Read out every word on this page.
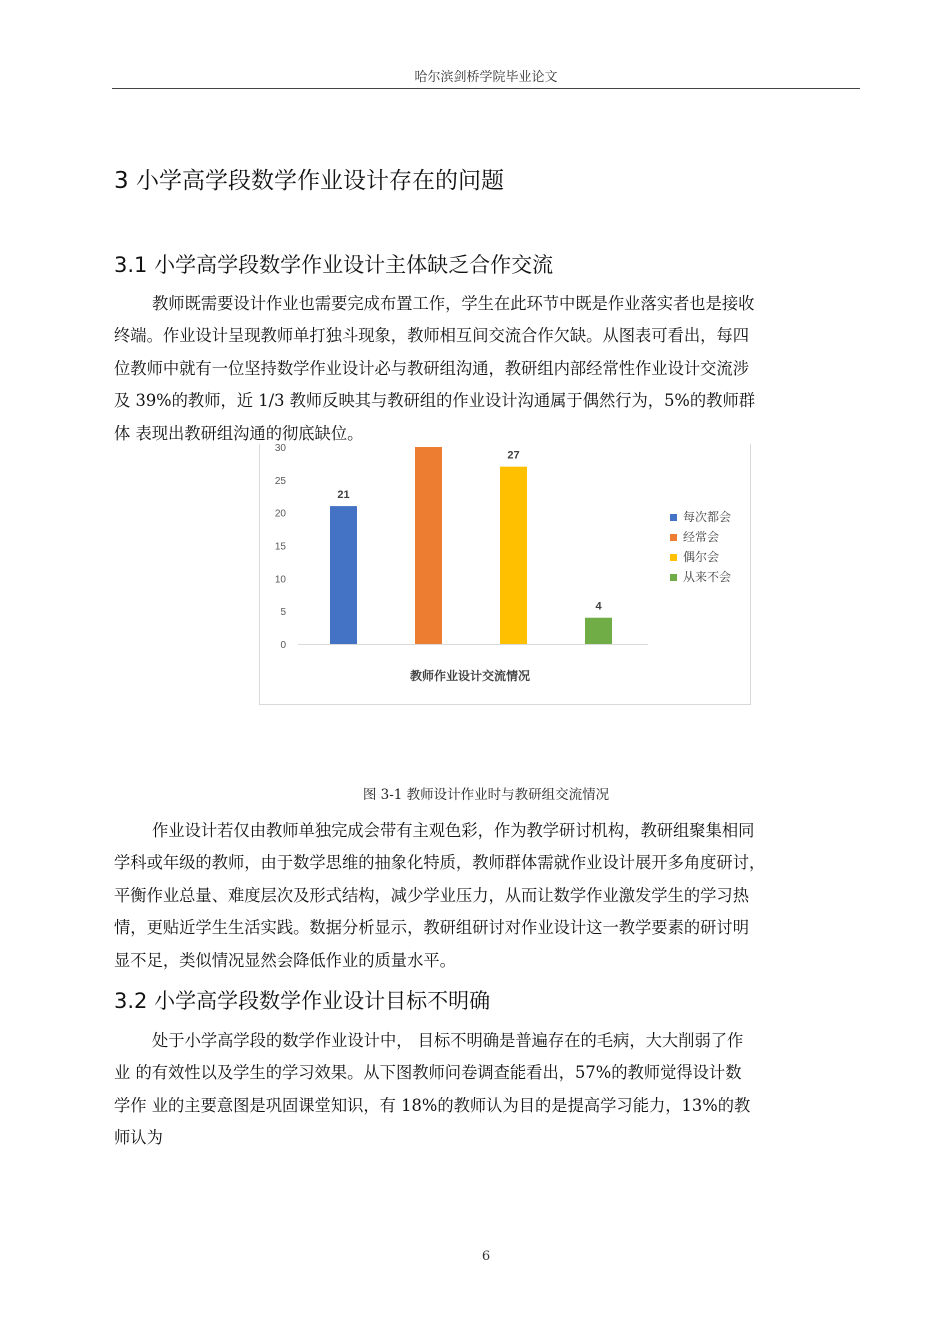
哈尔滨剑桥学院毕业论文
3 小学高学段数学作业设计存在的问题
3.1 小学高学段数学作业设计主体缺乏合作交流
教师既需要设计作业也需要完成布置工作，学生在此环节中既是作业落实者也是接收
终端。作业设计呈现教师单打独斗现象，教师相互间交流合作欠缺。从图表可看出，每四
位教师中就有一位坚持数学作业设计必与教研组沟通，教研组内部经常性作业设计交流涉
及 39%的教师，近 1/3 教师反映其与教研组的作业设计沟通属于偶然行为，5%的教师群
体 表现出教研组沟通的彻底缺位。
0
5
10
15
20
25
30
21
27
4
每次都会
经常会
偶尔会
从来不会
教师作业设计交流情况
图 3-1 教师设计作业时与教研组交流情况
作业设计若仅由教师单独完成会带有主观色彩，作为教学研讨机构，教研组聚集相同
学科或年级的教师，由于数学思维的抽象化特质，教师群体需就作业设计展开多角度研讨，
平衡作业总量、难度层次及形式结构，减少学业压力，从而让数学作业激发学生的学习热
情，更贴近学生生活实践。数据分析显示，教研组研讨对作业设计这一教学要素的研讨明
显不足，类似情况显然会降低作业的质量水平。
3.2 小学高学段数学作业设计目标不明确
处于小学高学段的数学作业设计中， 目标不明确是普遍存在的毛病，大大削弱了作
业 的有效性以及学生的学习效果。从下图教师问卷调查能看出，57%的教师觉得设计数
学作 业的主要意图是巩固课堂知识，有 18%的教师认为目的是提高学习能力，13%的教
师认为
6
